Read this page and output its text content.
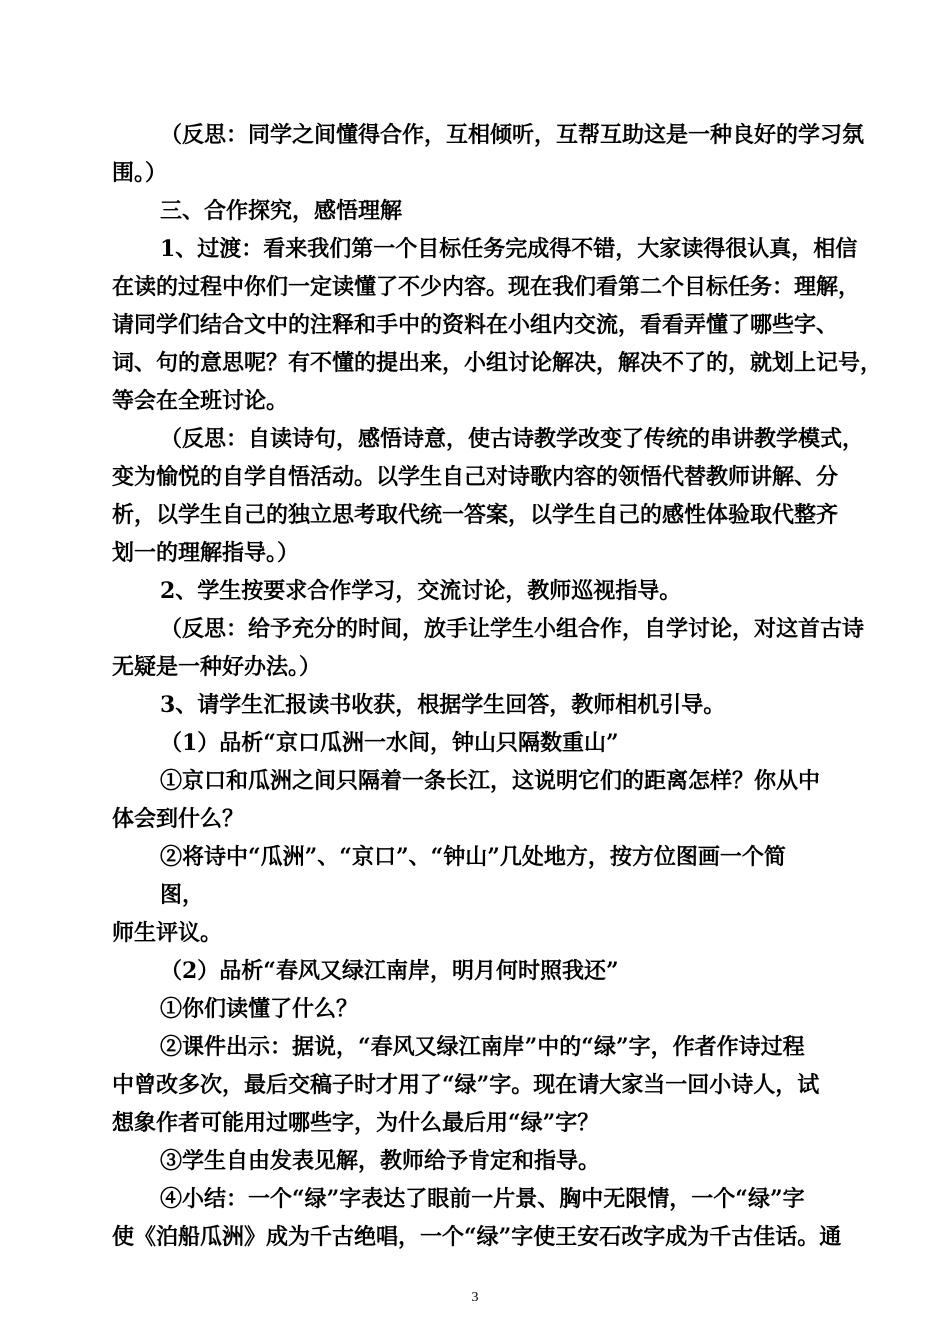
（反思：同学之间懂得合作，互相倾听，互帮互助这是一种良好的学习氛
围。）
三、合作探究，感悟理解
1、过渡：看来我们第一个目标任务完成得不错，大家读得很认真，相信
在读的过程中你们一定读懂了不少内容。现在我们看第二个目标任务：理解，
请同学们结合文中的注释和手中的资料在小组内交流，看看弄懂了哪些字、
词、句的意思呢？有不懂的提出来，小组讨论解决，解决不了的，就划上记号，
等会在全班讨论。
（反思：自读诗句，感悟诗意，使古诗教学改变了传统的串讲教学模式，
变为愉悦的自学自悟活动。以学生自己对诗歌内容的领悟代替教师讲解、分
析，以学生自己的独立思考取代统一答案，以学生自己的感性体验取代整齐
划一的理解指导。）
2、学生按要求合作学习，交流讨论，教师巡视指导。
（反思：给予充分的时间，放手让学生小组合作，自学讨论，对这首古诗
无疑是一种好办法。）
3、请学生汇报读书收获，根据学生回答，教师相机引导。
（1）品析“京口瓜洲一水间，钟山只隔数重山”
①京口和瓜洲之间只隔着一条长江，这说明它们的距离怎样？你从中
体会到什么？
②将诗中“瓜洲”、“京口”、“钟山”几处地方，按方位图画一个简
图，
师生评议。
（2）品析“春风又绿江南岸，明月何时照我还”
①你们读懂了什么？
②课件出示：据说，“春风又绿江南岸”中的“绿”字，作者作诗过程
中曾改多次，最后交稿子时才用了“绿”字。现在请大家当一回小诗人，试
想象作者可能用过哪些字，为什么最后用“绿”字？
③学生自由发表见解，教师给予肯定和指导。
④小结：一个“绿”字表达了眼前一片景、胸中无限情，一个“绿”字
使《泊船瓜洲》成为千古绝唱，一个“绿”字使王安石改字成为千古佳话。通
3
